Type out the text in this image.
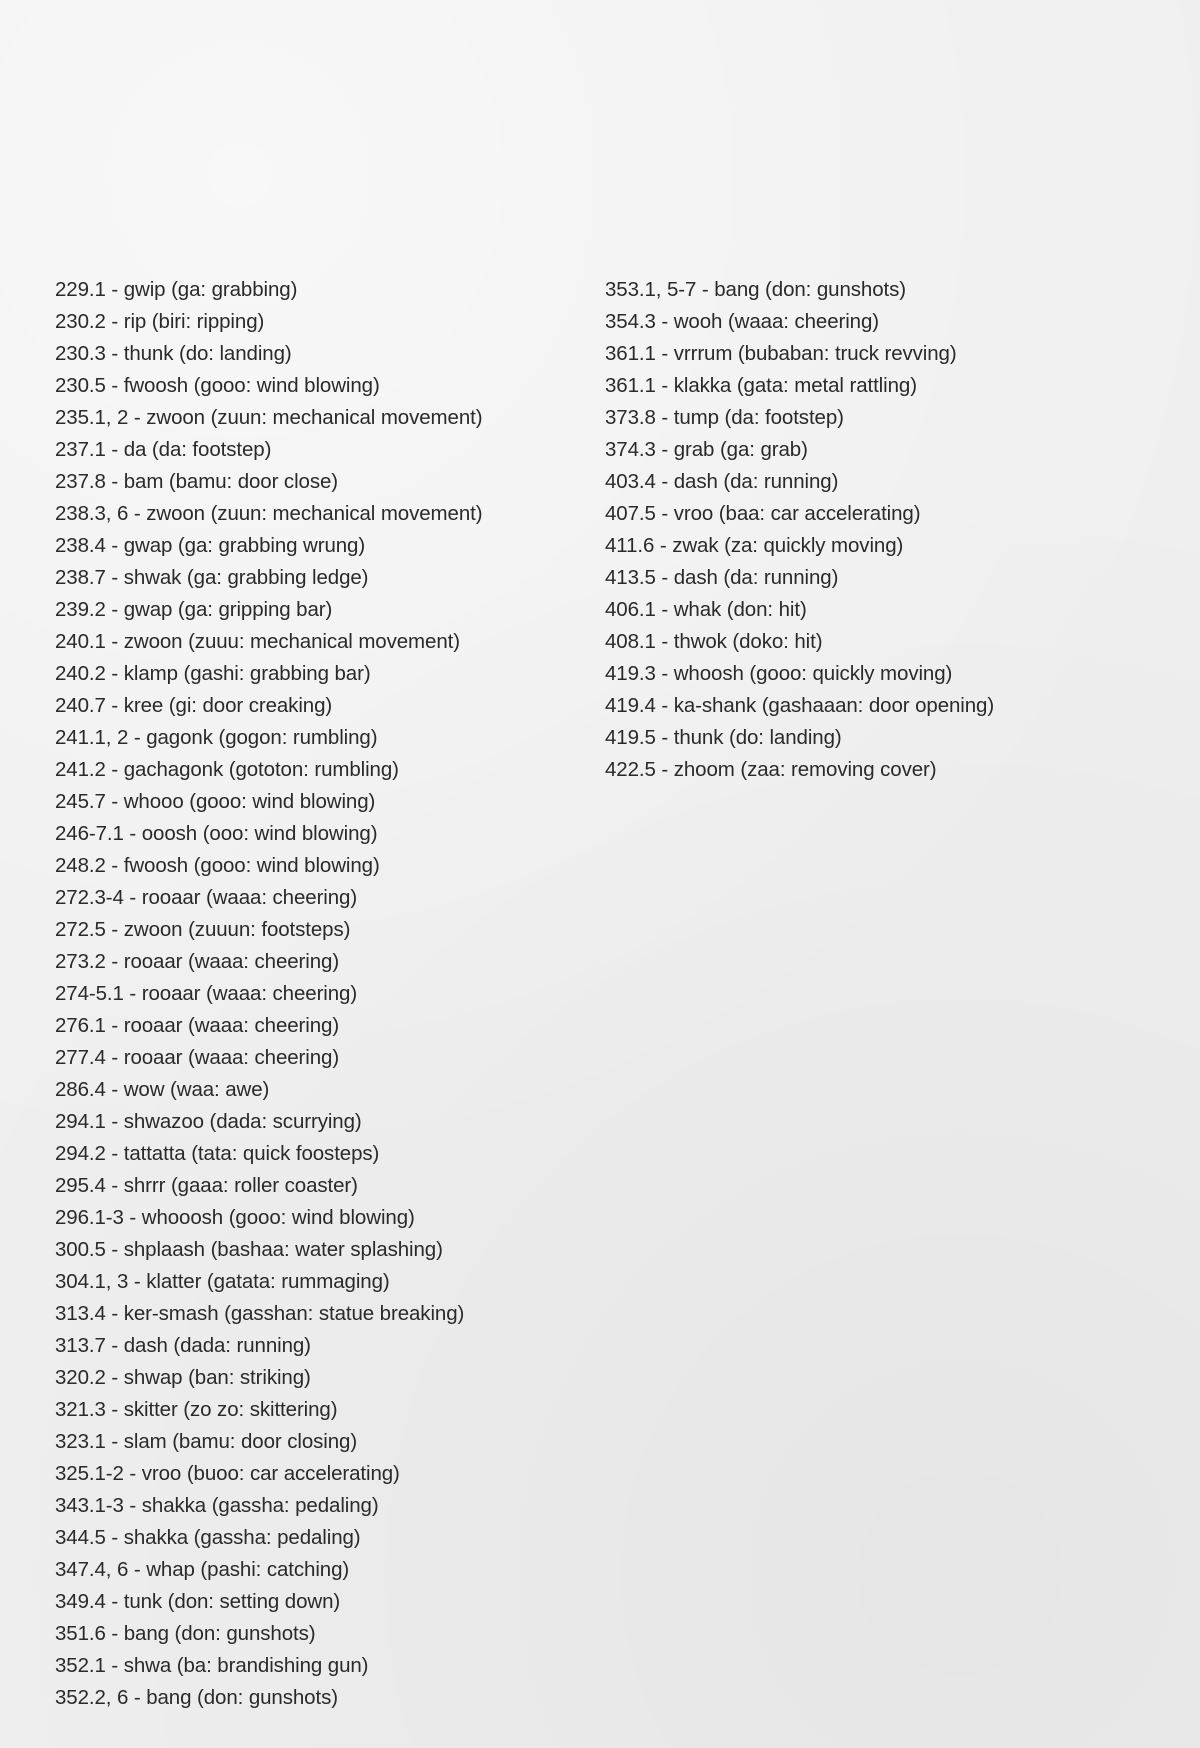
229.1 - gwip (ga: grabbing)
230.2 - rip (biri: ripping)
230.3 - thunk (do: landing)
230.5 - fwoosh (gooo: wind blowing)
235.1, 2 - zwoon (zuun: mechanical movement)
237.1 - da (da: footstep)
237.8 - bam (bamu: door close)
238.3, 6 - zwoon (zuun: mechanical movement)
238.4 - gwap (ga: grabbing wrung)
238.7 - shwak (ga: grabbing ledge)
239.2 - gwap (ga: gripping bar)
240.1 - zwoon (zuuu: mechanical movement)
240.2 - klamp (gashi: grabbing bar)
240.7 - kree (gi: door creaking)
241.1, 2 - gagonk (gogon: rumbling)
241.2 - gachagonk (gototon: rumbling)
245.7 - whooo (gooo: wind blowing)
246-7.1 - ooosh (ooo: wind blowing)
248.2 - fwoosh (gooo: wind blowing)
272.3-4 - rooaar (waaa: cheering)
272.5 - zwoon (zuuun: footsteps)
273.2 - rooaar (waaa: cheering)
274-5.1 - rooaar (waaa: cheering)
276.1 - rooaar (waaa: cheering)
277.4 - rooaar (waaa: cheering)
286.4 - wow (waa: awe)
294.1 - shwazoo (dada: scurrying)
294.2 - tattatta (tata: quick foosteps)
295.4 - shrrr (gaaa: roller coaster)
296.1-3 - whooosh (gooo: wind blowing)
300.5 - shplaash (bashaa: water splashing)
304.1, 3 - klatter (gatata: rummaging)
313.4 - ker-smash (gasshan: statue breaking)
313.7 - dash (dada: running)
320.2 - shwap (ban: striking)
321.3 - skitter (zo zo: skittering)
323.1 - slam (bamu: door closing)
325.1-2 - vroo (buoo: car accelerating)
343.1-3 - shakka (gassha: pedaling)
344.5 - shakka (gassha: pedaling)
347.4, 6 - whap (pashi: catching)
349.4 - tunk (don: setting down)
351.6 - bang (don: gunshots)
352.1 - shwa (ba: brandishing gun)
352.2, 6 - bang (don: gunshots)
353.1, 5-7 - bang (don: gunshots)
354.3 - wooh (waaa: cheering)
361.1 - vrrrum (bubaban: truck revving)
361.1 - klakka (gata: metal rattling)
373.8 - tump (da: footstep)
374.3 - grab (ga: grab)
403.4 - dash (da: running)
407.5 - vroo (baa: car accelerating)
411.6 - zwak (za: quickly moving)
413.5 - dash (da: running)
406.1 - whak (don: hit)
408.1 - thwok (doko: hit)
419.3 - whoosh (gooo: quickly moving)
419.4 - ka-shank (gashaaan: door opening)
419.5 - thunk (do: landing)
422.5 - zhoom (zaa: removing cover)
